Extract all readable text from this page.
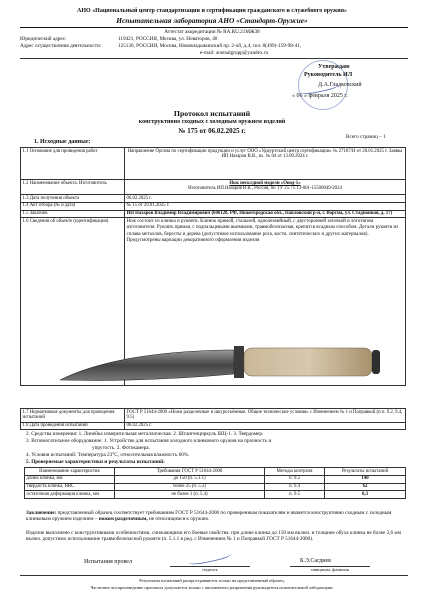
АНО «Национальный центр стандартизации и сертификации гражданского и служебного оружия»
Испытательная лаборатория АНО «Стандарт-Оружие»
Аттестат аккредитации № RA.RU.21МЖ38
Юридический адрес:	119421, РОССИЯ, Москва, ул. Новаторов, 40
Адрес осуществления деятельности:	125130, РОССИЯ, Москва, Нововладыкинский пр. 2-ой, д.4, тел. 8(499)-159-98-41,
e-mail: arsenalgrupp@yandex.ru
Утверждаю
Руководитель ИЛ
Д.А.Гладковский
« 06 » февраля 2025 г.
Протокол испытаний
конструктивно сходных с холодным оружием изделий
№ 175 от 06.02.2025 г.
Всего страниц – 1
1. Исходные данные:
1.1 Основание для проведения работ	Направление Органа по сертификации продукции и услуг ООО «Удмуртский центр сертификации» № 27187/Н от 28.01.2025 г. Заявка ИП Назаров В.В., вх. № 04 от 13.09.2024 г.
1.2 Наименование объекта. Изготовитель	Нож несклдной модели «Овод-1»
Изготовитель ИП Назаров В.В., Россия, по ТУ 25.71.13-001-15500049-2024
1.3 Дата получения объекта	06.02.2025 г.
1.4 Акт отбора (№ и дата)	№ 15 от 29.01.2025 г.
1.5 Заказчик	ИП Назаров Владимир Владимирович (606120, РФ, Нижегородская обл., Павловский р-н, г. Ворсма, ул. Стадионная, д. 17)
1.6 Сведения об объекте (идентификация)	Нож состоит из клинка и рукояти. Клинок прямой, стальной, однолезвийный, с двусторонней заточкой и логотипом изготовителя. Рукоять прямая, с подпальцевыми выемками, травмобезопасная, крепится всадным способом. Детали рукояти из сплава металлов, бересты и дерева (допустимое использование рога, кости, синтетических и других материалов). Предусмотрены вариации декоративного оформления изделия
1.7 Нормативные документы для проведения испытаний	ГОСТ Р 51644-2000 «Ножи разделочные и шкуросъёмные. Общие технические условия» с Изменением № 1 и Поправкой (п.п. 9.2, 9.4, 9.5)
1.8 Дата проведения испытаний	06.02.2025 г.
2. Средства измерения: 1. Линейка измерительная металлическая. 2. Штангенциркуль ШЦ-1. 3. Твердомер.
3. Вспомогательное оборудование: 1. Устройство для испытания холодного клинкового оружия на прочность и
упругость. 2. Фотокамера.
4. Условия испытаний: Температура 23°С, относительная влажность 60%.
5. Проверяемые характеристики и результаты испытаний:
Наименование характеристик	Требования ГОСТ Р 51644-2000	Методы контроля	Результаты испытаний
длина клинка, мм	до 150 (п. 5.1.1)	п. 9.2	140
твердость клинка, HRC	более 25 (п. 5.3)	п. 9.4	62
остаточная деформация клинка, мм	не более 1 (п. 5.4)	п. 9.5	0,3
Заключение: представленный образец соответствует требованиям ГОСТ Р 51644-2000 по проверенным показателям и является конструктивно сходным с холодным клинковым оружием изделием – ножом разделочным, не относящимся к оружию.
Изделие выполнено с конструктивными особенностями, снижающими его боевые свойства: при длине клинка до 150 мм включ. и толщине обуха клинка не более 2,6 мм включ. допустимо использование травмобезопасной рукояти (п. 5.1.1 в ред. с Изменением № 1 и Поправкой ГОСТ Р 51644-2000).
Испытания провел
подпись
Б.Э.Сагдиев
инициалы, фамилия
Результаты испытаний распространяются только на представленный образец.
Частичное воспроизведение протокола допускается только с письменного разрешения руководителя испытательной лаборатории.
